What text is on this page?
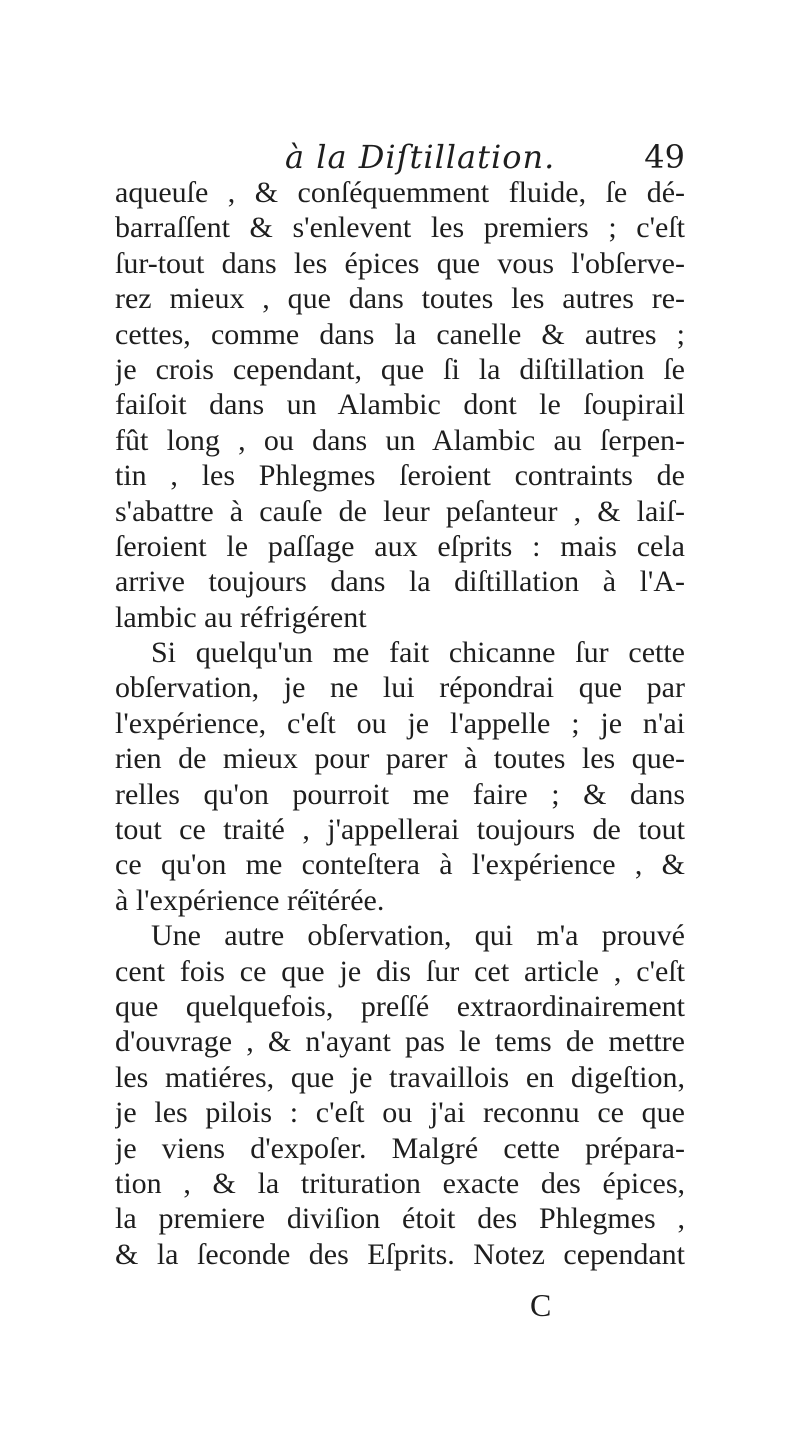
à la Diſtillation.	49
aqueuſe , & conſéquemment fluide, ſe dé-
barraſſent & s'enlevent les premiers ; c'eſt
ſur-tout dans les épices que vous l'obſerve-
rez mieux , que dans toutes les autres re-
cettes, comme dans la canelle & autres ;
je crois cependant, que ſi la diſtillation ſe
faiſoit dans un Alambic dont le ſoupirail
fût long , ou dans un Alambic au ſerpen-
tin , les Phlegmes ſeroient contraints de
s'abattre à cauſe de leur peſanteur , & laiſ-
ſeroient le paſſage aux eſprits : mais cela
arrive toujours dans la diſtillation à l'A-
lambic au réfrigérent
Si quelqu'un me fait chicanne ſur cette
obſervation, je ne lui répondrai que par
l'expérience, c'eſt ou je l'appelle ; je n'ai
rien de mieux pour parer à toutes les que-
relles qu'on pourroit me faire ; & dans
tout ce traité , j'appellerai toujours de tout
ce qu'on me conteſtera à l'expérience , &
à l'expérience réïtérée.
Une autre obſervation, qui m'a prouvé
cent fois ce que je dis ſur cet article , c'eſt
que quelquefois, preſſé extraordinairement
d'ouvrage , & n'ayant pas le tems de mettre
les matiéres, que je travaillois en digeſtion,
je les pilois : c'eſt ou j'ai reconnu ce que
je viens d'expoſer. Malgré cette prépara-
tion , & la trituration exacte des épices,
la premiere diviſion étoit des Phlegmes ,
& la ſeconde des Eſprits. Notez cependant
C
